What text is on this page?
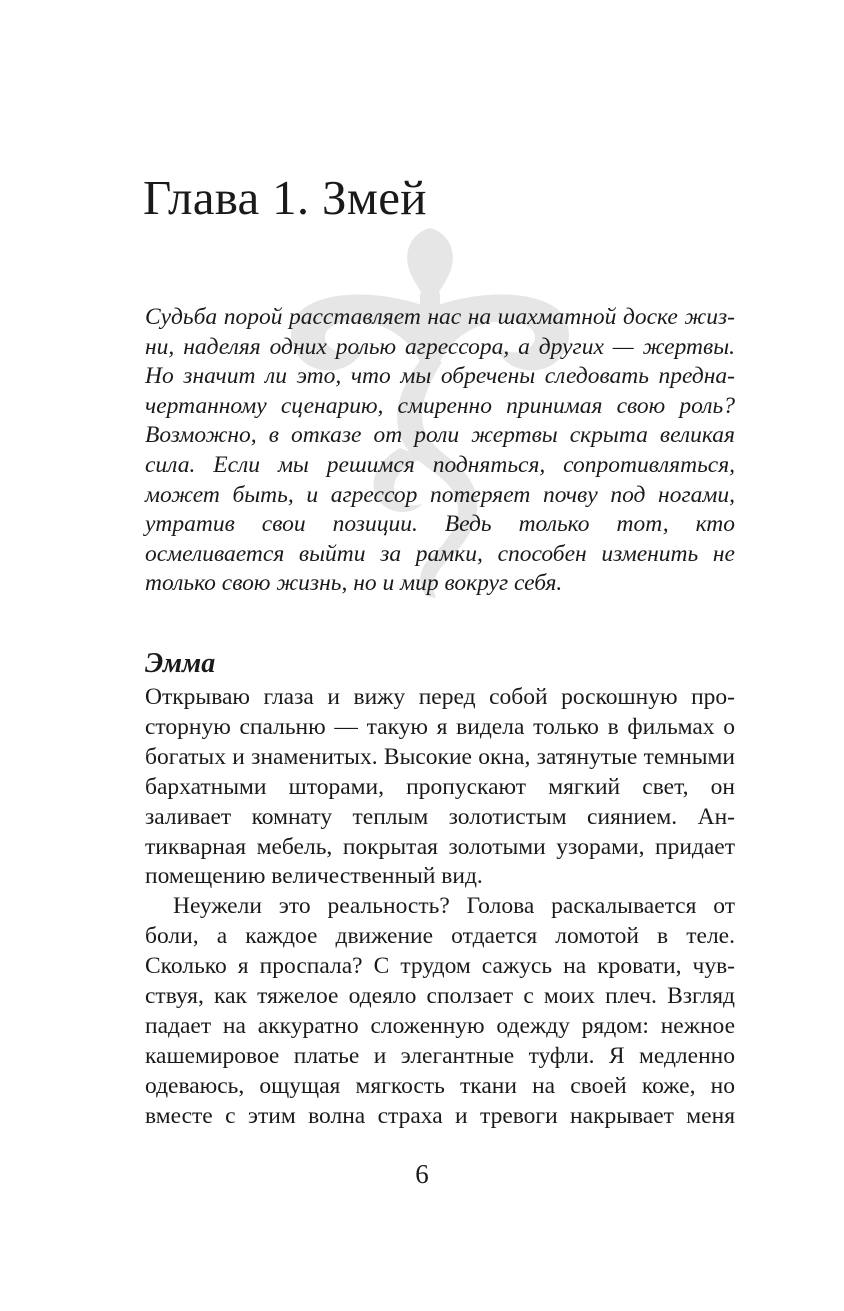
Глава 1. Змей

Судьба порой расставляет нас на шахматной доске жизни, наделяя одних ролью агрессора, а других — жертвы. Но значит ли это, что мы обречены следовать предначертанному сценарию, смиренно принимая свою роль? Возможно, в отказе от роли жертвы скрыта великая сила. Если мы решимся подняться, сопротивляться, может быть, и агрессор потеряет почву под ногами, утратив свои позиции. Ведь только тот, кто осмеливается выйти за рамки, способен изменить не только свою жизнь, но и мир вокруг себя.

Эмма

Открываю глаза и вижу перед собой роскошную просторную спальню — такую я видела только в фильмах о богатых и знаменитых. Высокие окна, затянутые темными бархатными шторами, пропускают мягкий свет, он заливает комнату теплым золотистым сиянием. Антикварная мебель, покрытая золотыми узорами, придает помещению величественный вид.

Неужели это реальность? Голова раскалывается от боли, а каждое движение отдается ломотой в теле. Сколько я проспала? С трудом сажусь на кровати, чувствуя, как тяжелое одеяло сползает с моих плеч. Взгляд падает на аккуратно сложенную одежду рядом: нежное кашемировое платье и элегантные туфли. Я медленно одеваюсь, ощущая мягкость ткани на своей коже, но вместе с этим волна страха и тревоги накрывает меня

6
